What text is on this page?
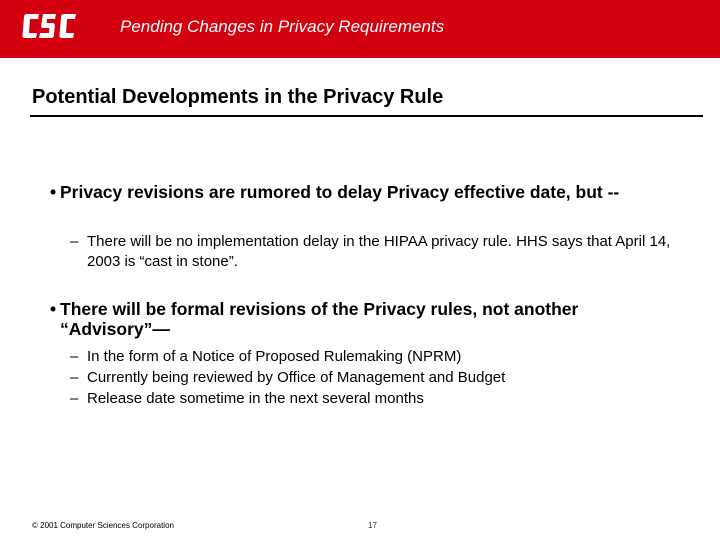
Pending Changes in Privacy Requirements
Potential Developments in the Privacy Rule
• Privacy revisions are rumored to delay Privacy effective date, but --
– There will be no implementation delay in the HIPAA privacy rule. HHS says that April 14, 2003 is “cast in stone”.
• There will be formal revisions of the Privacy rules, not another “Advisory”—
– In the form of a Notice of Proposed Rulemaking (NPRM)
– Currently being reviewed by Office of Management and Budget
– Release date sometime in the next several months
© 2001 Computer Sciences Corporation	17
